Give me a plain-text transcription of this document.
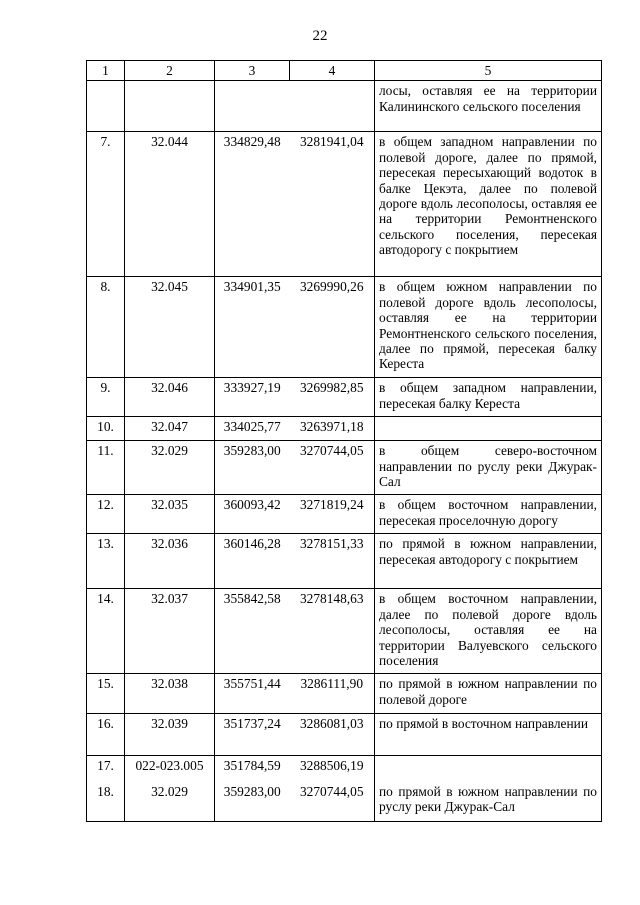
22
1	2	3	4	5
				лосы, оставляя ее на территории Калининского сельского поселения
7.	32.044	334829,48	3281941,04	в общем западном направлении по полевой дороге, далее по прямой, пересекая пересыхающий водоток в балке Цекэта, далее по полевой дороге вдоль лесополосы, оставляя ее на территории Ремонтненского сельского поселения, пересекая автодорогу с покрытием
8.	32.045	334901,35	3269990,26	в общем южном направлении по полевой дороге вдоль лесополосы, оставляя ее на территории Ремонтненского сельского поселения, далее по прямой, пересекая балку Кереста
9.	32.046	333927,19	3269982,85	в общем западном направлении, пересекая балку Кереста
10.	32.047	334025,77	3263971,18	
11.	32.029	359283,00	3270744,05	в общем северо-восточном направлении по руслу реки Джурак-Сал
12.	32.035	360093,42	3271819,24	в общем восточном направлении, пересекая проселочную дорогу
13.	32.036	360146,28	3278151,33	по прямой в южном направлении, пересекая автодорогу с покрытием
14.	32.037	355842,58	3278148,63	в общем восточном направлении, далее по полевой дороге вдоль лесополосы, оставляя ее на территории Валуевского сельского поселения
15.	32.038	355751,44	3286111,90	по прямой в южном направлении по полевой дороге
16.	32.039	351737,24	3286081,03	по прямой в восточном направлении
17.	022-023.005	351784,59	3288506,19	
18.	32.029	359283,00	3270744,05	по прямой в южном направлении по руслу реки Джурак-Сал
